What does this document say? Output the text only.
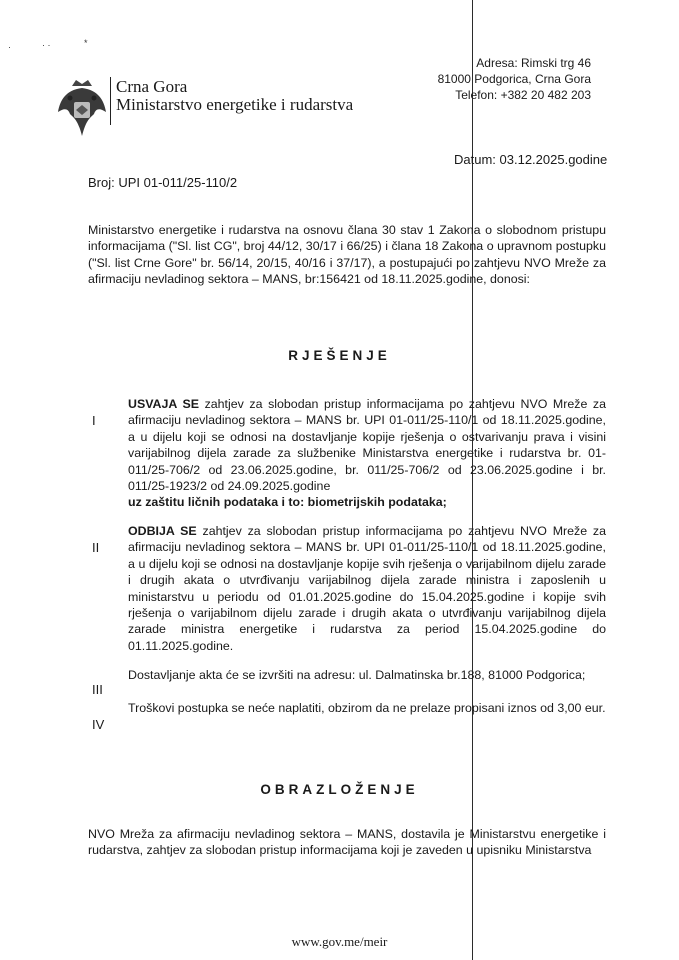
·	· ·	*
Crna Gora
Ministarstvo energetike i rudarstva
Adresa: Rimski trg 46
81000 Podgorica, Crna Gora
Telefon: +382 20 482 203
Datum: 03.12.2025.godine
Broj: UPI 01-011/25-110/2
Ministarstvo energetike i rudarstva na osnovu člana 30 stav 1 Zakona o slobodnom pristupu informacijama ("Sl. list CG", broj 44/12, 30/17 i 66/25) i člana 18 Zakona o upravnom postupku ("Sl. list Crne Gore" br. 56/14, 20/15, 40/16 i 37/17), a postupajući po zahtjevu NVO Mreže za afirmaciju nevladinog sektora – MANS, br:156421 od 18.11.2025.godine, donosi:
RJEŠENJE
I
USVAJA SE zahtjev za slobodan pristup informacijama po zahtjevu NVO Mreže za afirmaciju nevladinog sektora – MANS br. UPI 01-011/25-110/1 od 18.11.2025.godine, a u dijelu koji se odnosi na dostavljanje kopije rješenja o ostvarivanju prava i visini varijabilnog dijela zarade za službenike Ministarstva energetike i rudarstva br. 01-011/25-706/2 od 23.06.2025.godine, br. 011/25-706/2 od 23.06.2025.godine i br. 011/25-1923/2 od 24.09.2025.godine
uz zaštitu ličnih podataka i to: biometrijskih podataka;
II
ODBIJA SE zahtjev za slobodan pristup informacijama po zahtjevu NVO Mreže za afirmaciju nevladinog sektora – MANS br. UPI 01-011/25-110/1 od 18.11.2025.godine, a u dijelu koji se odnosi na dostavljanje kopije svih rješenja o varijabilnom dijelu zarade i drugih akata o utvrđivanju varijabilnog dijela zarade ministra i zaposlenih u ministarstvu u periodu od 01.01.2025.godine do 15.04.2025.godine i kopije svih rješenja o varijabilnom dijelu zarade i drugih akata o utvrđivanju varijabilnog dijela zarade ministra energetike i rudarstva za period 15.04.2025.godine do 01.11.2025.godine.
III
Dostavljanje akta će se izvršiti na adresu: ul. Dalmatinska br.188, 81000 Podgorica;
IV
Troškovi postupka se neće naplatiti, obzirom da ne prelaze propisani iznos od 3,00 eur.
OBRAZLOŽENJE
NVO Mreža za afirmaciju nevladinog sektora – MANS, dostavila je Ministarstvu energetike i rudarstva, zahtjev za slobodan pristup informacijama koji je zaveden u upisniku Ministarstva
www.gov.me/meir
